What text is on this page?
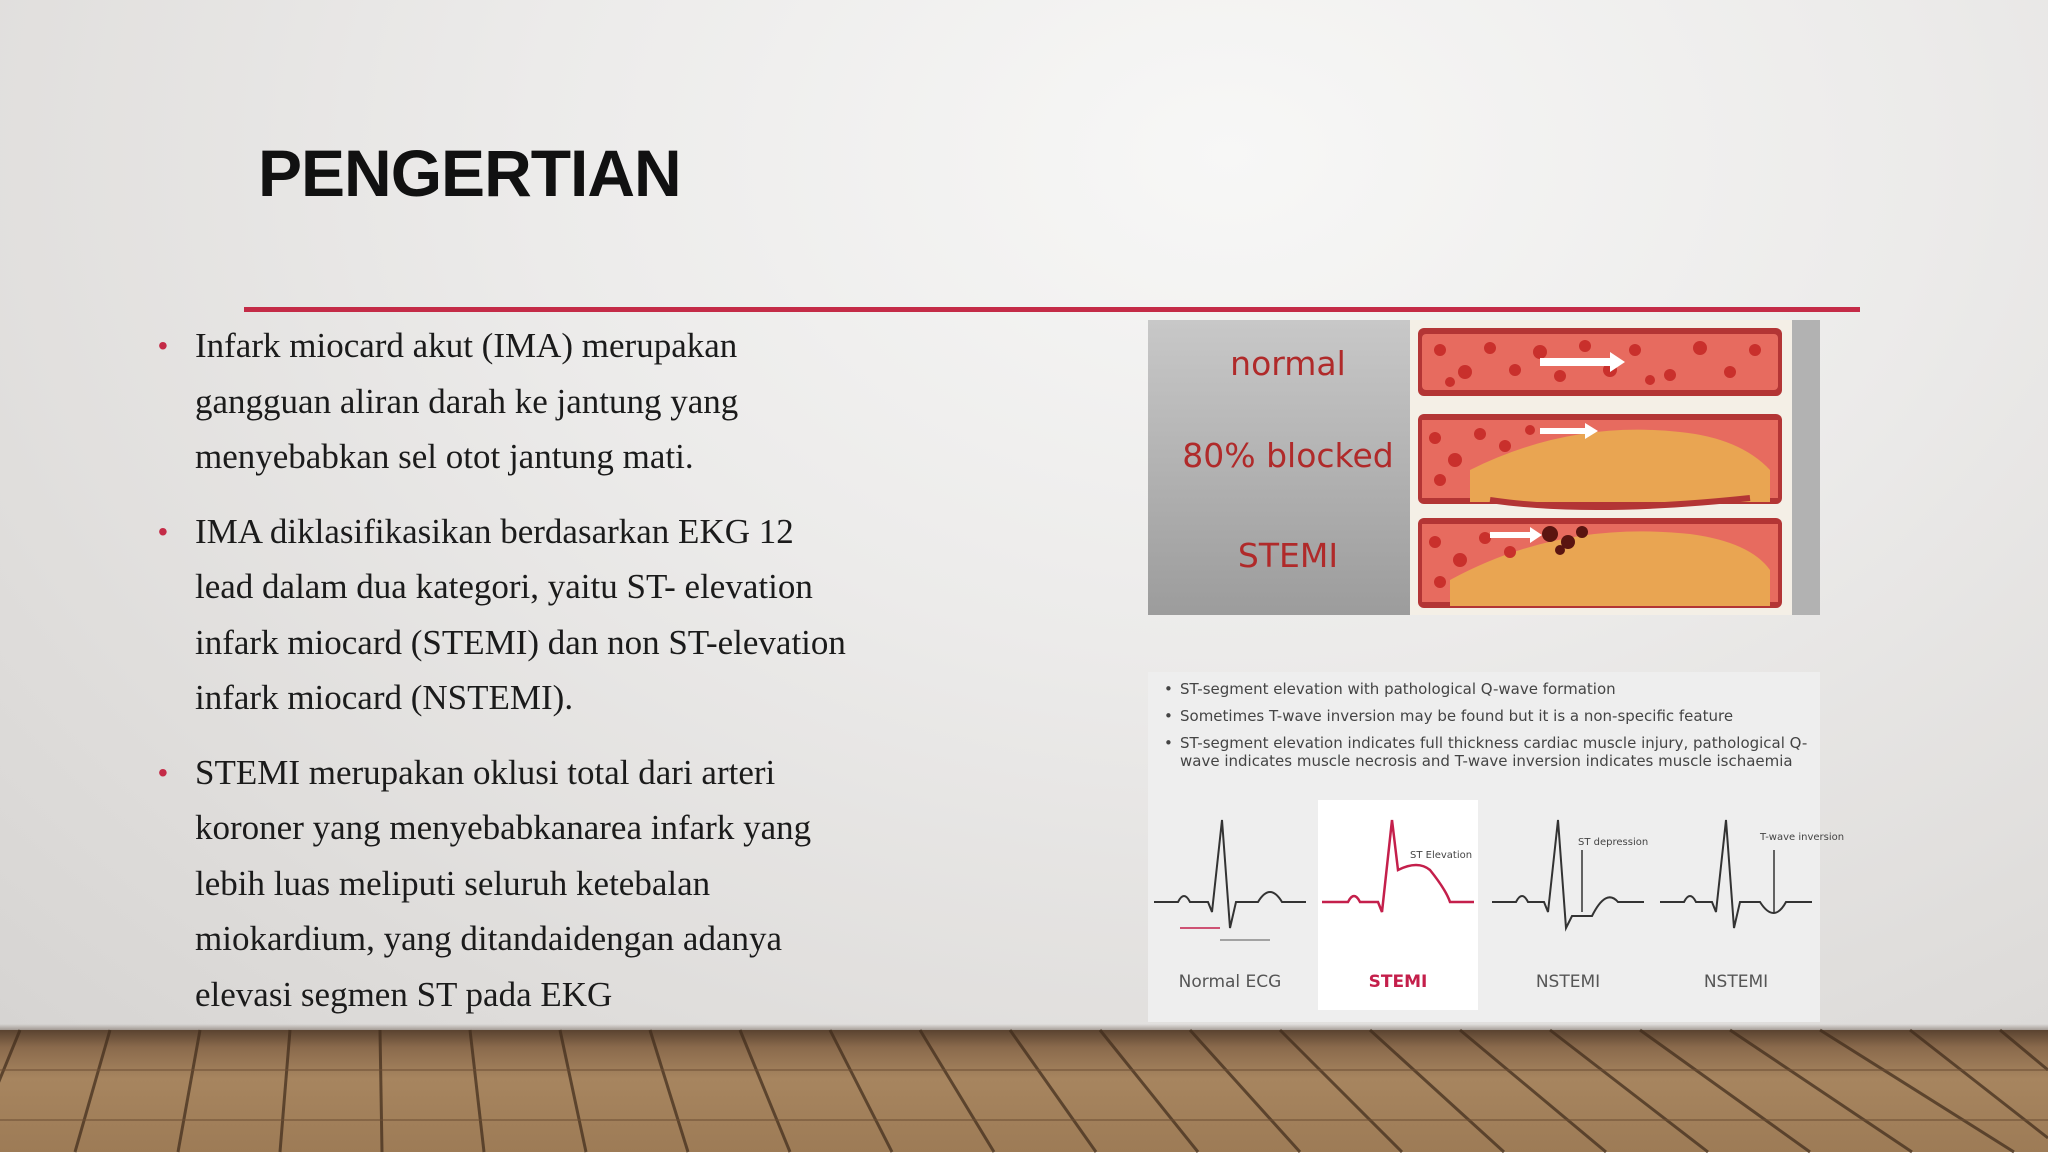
PENGERTIAN
• Infark miocard akut (IMA) merupakan
gangguan aliran darah ke jantung yang
menyebabkan sel otot jantung mati.
• IMA diklasifikasikan berdasarkan EKG 12
lead dalam dua kategori, yaitu ST- elevation
infark miocard (STEMI) dan non ST-elevation
infark miocard (NSTEMI).
• STEMI merupakan oklusi total dari arteri
koroner yang menyebabkanarea infark yang
lebih luas meliputi seluruh ketebalan
miokardium, yang ditandaidengan adanya
elevasi segmen ST pada EKG
normal
80% blocked
STEMI
• ST-segment elevation with pathological Q-wave formation
• Sometimes T-wave inversion may be found but it is a non-specific feature
• ST-segment elevation indicates full thickness cardiac muscle injury, pathological Q-wave indicates muscle necrosis and T-wave inversion indicates muscle ischaemia
Normal ECG
ST Elevation
STEMI
ST depression
NSTEMI
T-wave inversion
NSTEMI
